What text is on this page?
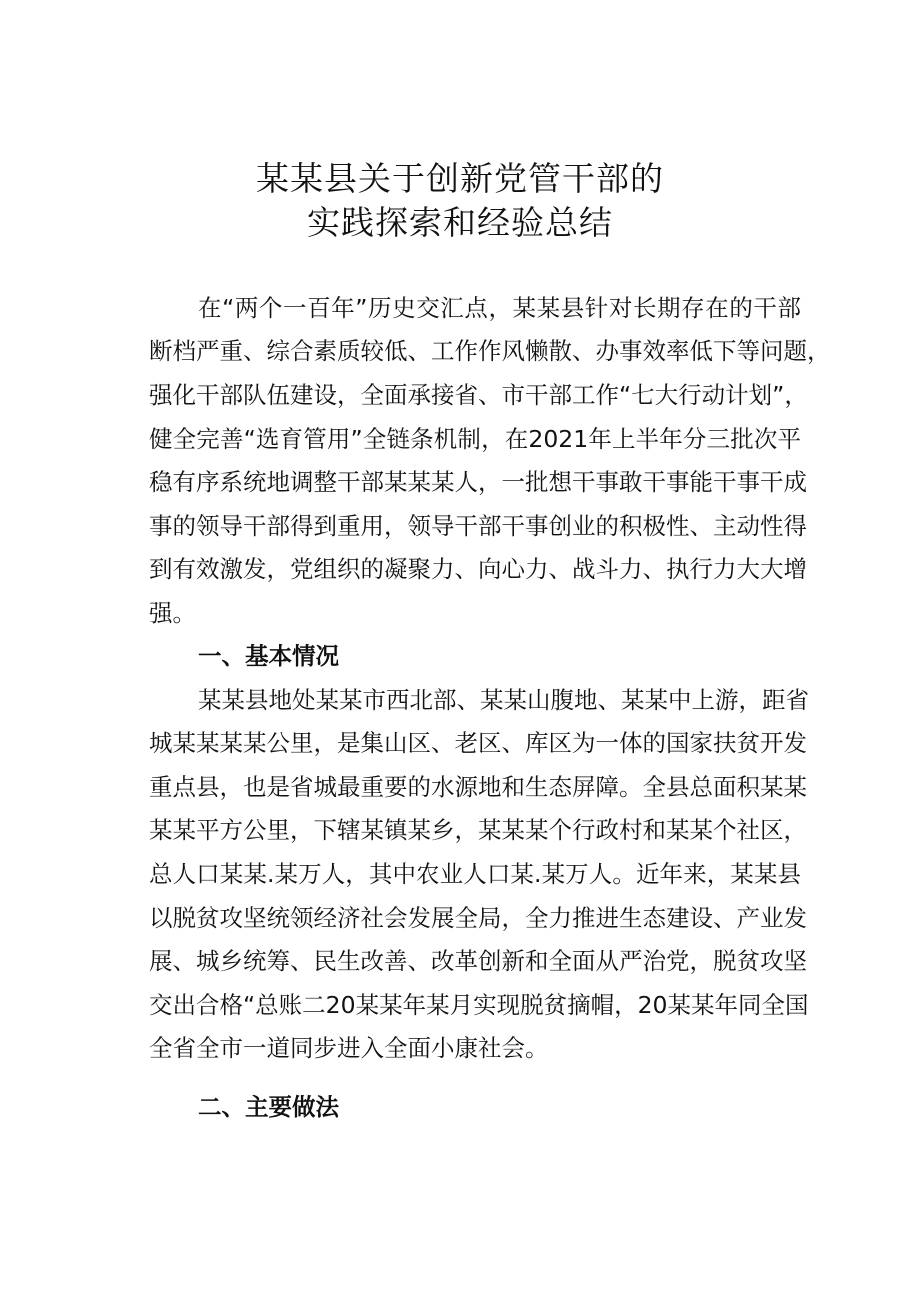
某某县关于创新党管干部的
实践探索和经验总结
在“两个一百年”历史交汇点，某某县针对长期存在的干部
断档严重、综合素质较低、工作作风懒散、办事效率低下等问题，
强化干部队伍建设，全面承接省、市干部工作“七大行动计划”，
健全完善“选育管用”全链条机制，在2021年上半年分三批次平
稳有序系统地调整干部某某某人，一批想干事敢干事能干事干成
事的领导干部得到重用，领导干部干事创业的积极性、主动性得
到有效激发，党组织的凝聚力、向心力、战斗力、执行力大大增
强。
一、基本情况
某某县地处某某市西北部、某某山腹地、某某中上游，距省
城某某某某公里，是集山区、老区、库区为一体的国家扶贫开发
重点县，也是省城最重要的水源地和生态屏障。全县总面积某某
某某平方公里，下辖某镇某乡，某某某个行政村和某某个社区，
总人口某某.某万人，其中农业人口某.某万人。近年来，某某县
以脱贫攻坚统领经济社会发展全局，全力推进生态建设、产业发
展、城乡统筹、民生改善、改革创新和全面从严治党，脱贫攻坚
交出合格“总账二20某某年某月实现脱贫摘帽，20某某年同全国
全省全市一道同步进入全面小康社会。
二、主要做法
